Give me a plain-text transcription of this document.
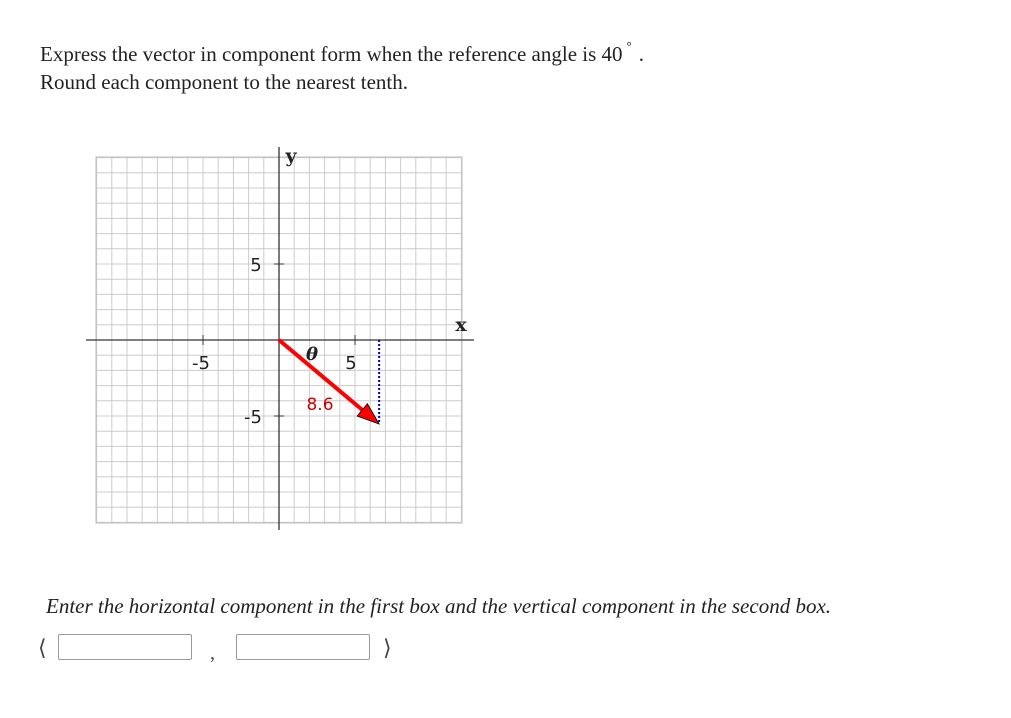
Express the vector in component form when the reference angle is 40 ° .
Round each component to the nearest tenth.
-5	5
5
-5
y
x
θ
8.6
Enter the horizontal component in the first box and the vertical component in the second box.
⟨	,	⟩
